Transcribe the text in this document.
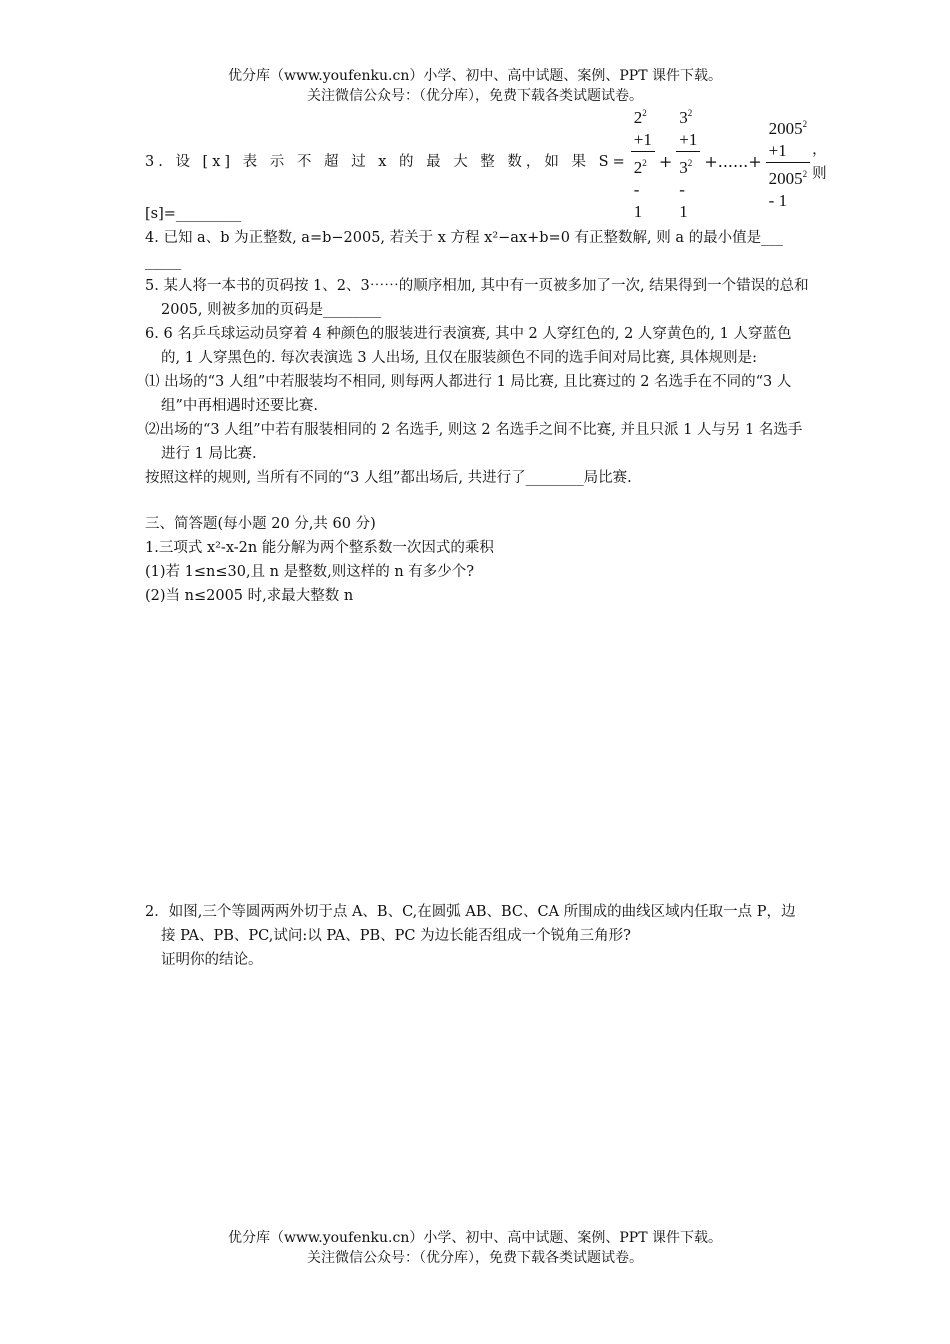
优分库（www.youfenku.cn）小学、初中、高中试题、案例、PPT 课件下载。
关注微信公众号：（优分库），免费下载各类试题试卷。
3. 设 [x] 表 示 不 超 过 x 的 最 大 整 数，如 果 $S= \frac{2^2 +1}{2^2 - 1} + \frac{3^2 +1}{3^2 - 1}$ +......+ $\frac{2005^2 +1}{2005^2 - 1}$ ，则

[s]=_________

4. 已知 a、b 为正整数, a=b−2005, 若关于 x 方程 x²−ax+b=0 有正整数解, 则 a 的最小值是___

_____

5. 某人将一本书的页码按 1、2、3⋯⋯的顺序相加, 其中有一页被多加了一次, 结果得到一个错误的总和 2005, 则被多加的页码是________

6. 6 名乒乓球运动员穿着 4 种颜色的服装进行表演赛, 其中 2 人穿红色的, 2 人穿黄色的, 1 人穿蓝色的, 1 人穿黑色的. 每次表演选 3 人出场, 且仅在服装颜色不同的选手间对局比赛, 具体规则是:

⑴ 出场的“3 人组”中若服装均不相同, 则每两人都进行 1 局比赛, 且比赛过的 2 名选手在不同的“3 人组”中再相遇时还要比赛.

⑵出场的“3 人组”中若有服装相同的 2 名选手, 则这 2 名选手之间不比赛, 并且只派 1 人与另 1 名选手进行 1 局比赛.

按照这样的规则, 当所有不同的“3 人组”都出场后, 共进行了________局比赛.

三、简答题(每小题 20 分,共 60 分)

1.三项式 x²-x-2n 能分解为两个整系数一次因式的乘积

(1)若 1≤n≤30,且 n 是整数,则这样的 n 有多少个?

(2)当 n≤2005 时,求最大整数 n

2．如图,三个等圆两两外切于点 A、B、C,在圆弧 AB、BC、CA 所围成的曲线区域内任取一点 P，边接 PA、PB、PC,试问:以 PA、PB、PC 为边长能否组成一个锐角三角形?

证明你的结论。

优分库（www.youfenku.cn）小学、初中、高中试题、案例、PPT 课件下载。
关注微信公众号：（优分库），免费下载各类试题试卷。
